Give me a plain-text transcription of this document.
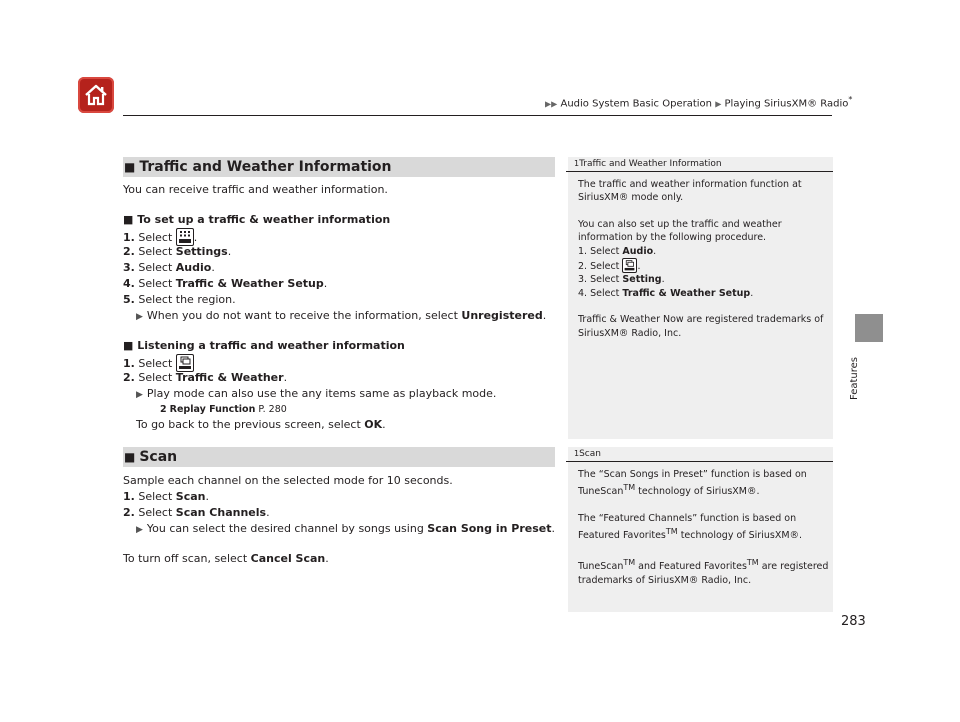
▶▶ Audio System Basic Operation ▶ Playing SiriusXM® Radio*
Features
■ Traffic and Weather Information
You can receive traffic and weather information.
■ To set up a traffic & weather information
1. Select .
2. Select Settings.
3. Select Audio.
4. Select Traffic & Weather Setup.
5. Select the region.
▶ When you do not want to receive the information, select Unregistered.
■ Listening a traffic and weather information
1. Select
2. Select Traffic & Weather.
▶ Play mode can also use the any items same as playback mode.
2 Replay Function P. 280
To go back to the previous screen, select OK.
■ Scan
Sample each channel on the selected mode for 10 seconds.
1. Select Scan.
2. Select Scan Channels.
▶ You can select the desired channel by songs using Scan Song in Preset.
To turn off scan, select Cancel Scan.
1Traffic and Weather Information
The traffic and weather information function at
SiriusXM® mode only.
You can also set up the traffic and weather
information by the following procedure.
1. Select Audio.
2. Select .
3. Select Setting.
4. Select Traffic & Weather Setup.
Traffic & Weather Now are registered trademarks of
SiriusXM® Radio, Inc.
1Scan
The “Scan Songs in Preset” function is based on
TuneScan™ technology of SiriusXM®.
The “Featured Channels” function is based on
Featured Favorites™ technology of SiriusXM®.
TuneScan™ and Featured Favorites™ are registered
trademarks of SiriusXM® Radio, Inc.
283
